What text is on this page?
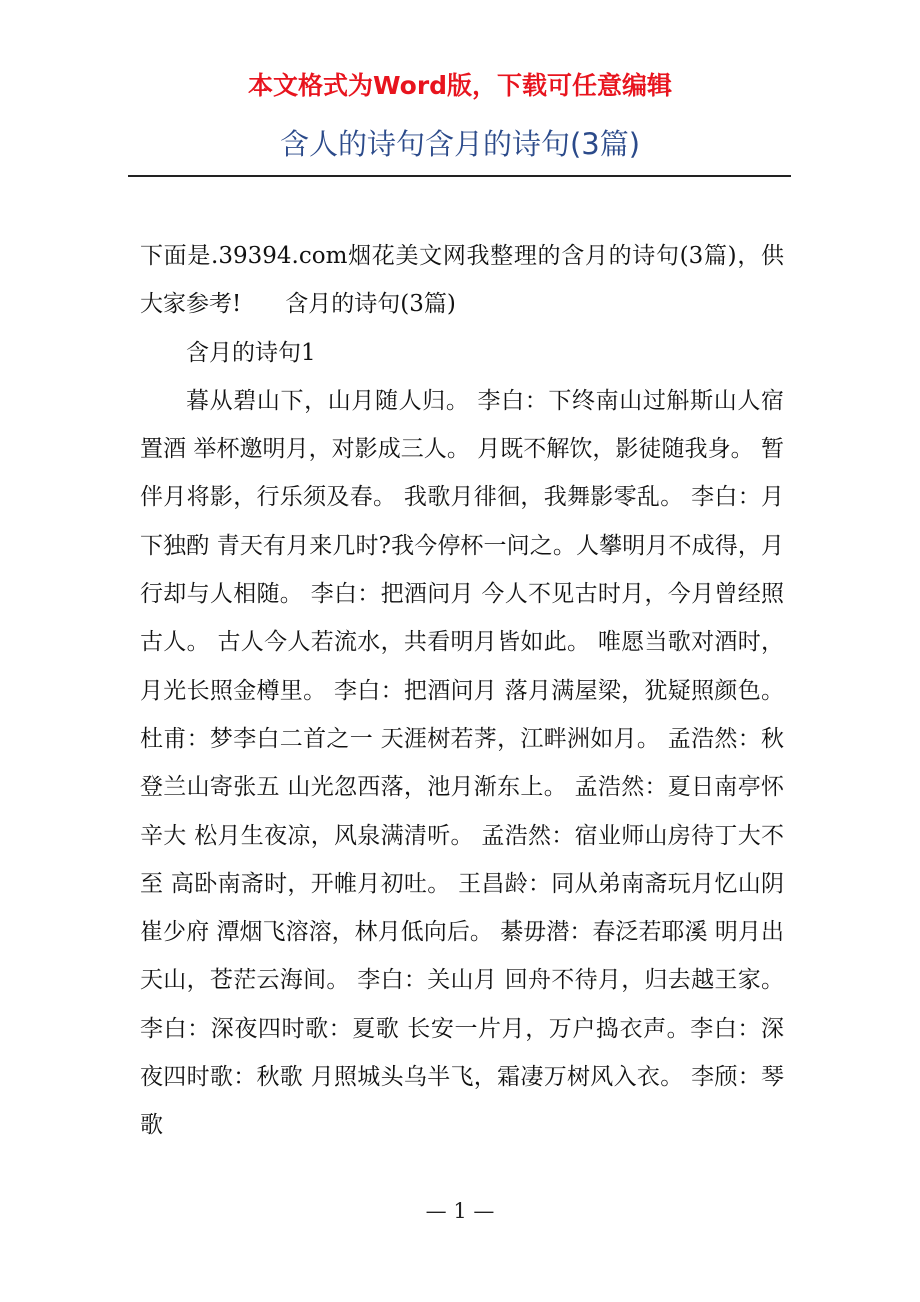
本文格式为Word版，下载可任意编辑
含人的诗句含月的诗句(3篇)

下面是.39394.com烟花美文网我整理的含月的诗句(3篇)，供大家参考! 含月的诗句(3篇)

含月的诗句1

暮从碧山下，山月随人归。 李白：下终南山过斛斯山人宿置酒 举杯邀明月，对影成三人。 月既不解饮，影徒随我身。 暂伴月将影，行乐须及春。 我歌月徘徊，我舞影零乱。 李白：月下独酌 青天有月来几时?我今停杯一问之。人攀明月不成得，月行却与人相随。 李白：把酒问月 今人不见古时月，今月曾经照古人。 古人今人若流水，共看明月皆如此。 唯愿当歌对酒时，月光长照金樽里。 李白：把酒问月 落月满屋梁，犹疑照颜色。 杜甫：梦李白二首之一 天涯树若荠，江畔洲如月。 孟浩然：秋登兰山寄张五 山光忽西落，池月渐东上。 孟浩然：夏日南亭怀辛大 松月生夜凉，风泉满清听。 孟浩然：宿业师山房待丁大不至 高卧南斋时，开帷月初吐。 王昌龄：同从弟南斋玩月忆山阴崔少府 潭烟飞溶溶，林月低向后。 綦毋潜：春泛若耶溪 明月出天山，苍茫云海间。 李白：关山月 回舟不待月，归去越王家。 李白：深夜四时歌：夏歌 长安一片月，万户捣衣声。李白：深夜四时歌：秋歌 月照城头乌半飞，霜凄万树风入衣。 李颀：琴歌

— 1 —
